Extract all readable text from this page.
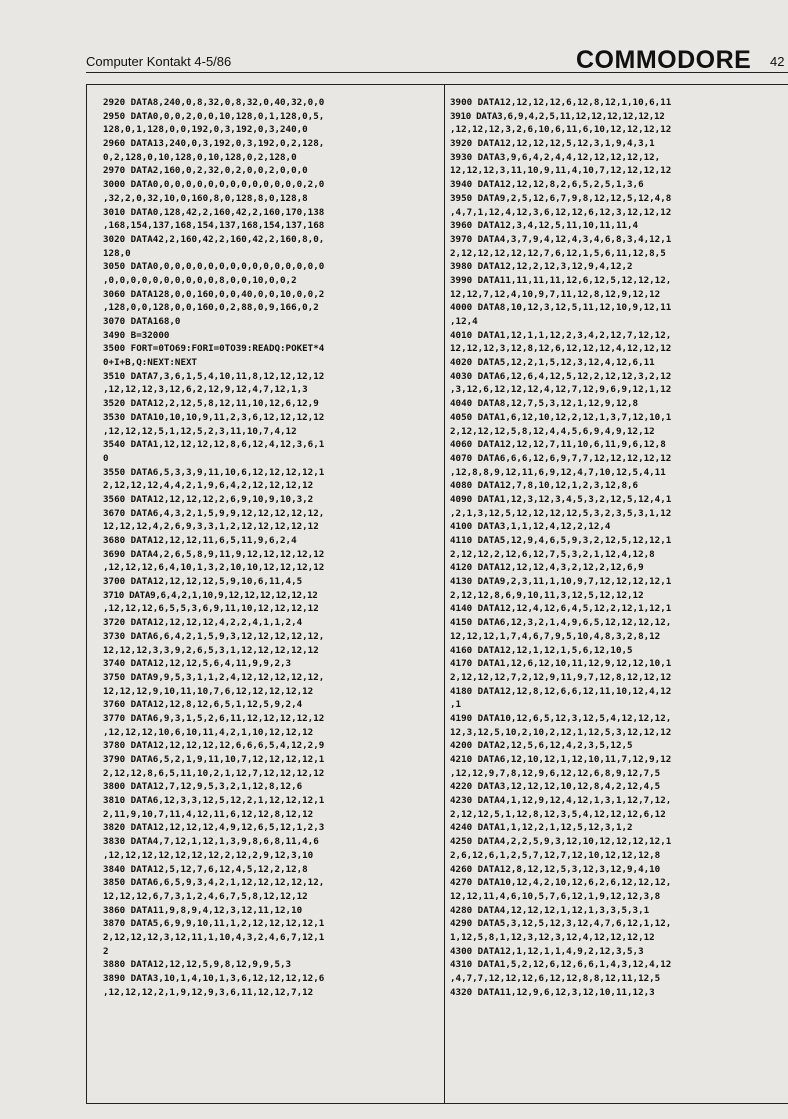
Computer Kontakt 4-5/86	COMMODORE 42
2920 DATA8,240,0,8,32,0,8,32,0,40,32,0,0
2950 DATA0,0,0,2,0,0,10,128,0,1,128,0,5,
128,0,1,128,0,0,192,0,3,192,0,3,240,0
2960 DATA13,240,0,3,192,0,3,192,0,2,128,
0,2,128,0,10,128,0,10,128,0,2,128,0
2970 DATA2,160,0,2,32,0,2,0,0,2,0,0,0
3000 DATA0,0,0,0,0,0,0,0,0,0,0,0,0,0,2,0
,32,2,0,32,10,0,160,8,0,128,8,0,128,8
3010 DATA0,128,42,2,160,42,2,160,170,138
,168,154,137,168,154,137,168,154,137,168
3020 DATA42,2,160,42,2,160,42,2,160,8,0,
128,0
3050 DATA0,0,0,0,0,0,0,0,0,0,0,0,0,0,0,0
,0,0,0,0,0,0,0,0,0,0,8,0,0,10,0,0,2
3060 DATA128,0,0,160,0,0,40,0,0,10,0,0,2
,128,0,0,128,0,0,160,0,2,88,0,9,166,0,2
3070 DATA168,0
3490 B=32000
3500 FORT=0TO69:FORI=0TO39:READQ:POKET*4
0+I+B,Q:NEXT:NEXT
3510 DATA7,3,6,1,5,4,10,11,8,12,12,12,12
,12,12,12,3,12,6,2,12,9,12,4,7,12,1,3
3520 DATA12,2,12,5,8,12,11,10,12,6,12,9
3530 DATA10,10,10,9,11,2,3,6,12,12,12,12
,12,12,12,5,1,12,5,2,3,11,10,7,4,12
3540 DATA1,12,12,12,12,8,6,12,4,12,3,6,1
0
3550 DATA6,5,3,3,9,11,10,6,12,12,12,12,1
2,12,12,12,4,4,2,1,9,6,4,2,12,12,12,12
3560 DATA12,12,12,12,2,6,9,10,9,10,3,2
3670 DATA6,4,3,2,1,5,9,9,12,12,12,12,12,
12,12,12,4,2,6,9,3,3,1,2,12,12,12,12,12
3680 DATA12,12,12,11,6,5,11,9,6,2,4
3690 DATA4,2,6,5,8,9,11,9,12,12,12,12,12
,12,12,12,6,4,10,1,3,2,10,10,12,12,12,12
3700 DATA12,12,12,12,5,9,10,6,11,4,5
3710 DATA9,6,4,2,1,10,9,12,12,12,12,12,12
,12,12,12,6,5,5,3,6,9,11,10,12,12,12,12
3720 DATA12,12,12,12,4,2,2,4,1,1,2,4
3730 DATA6,6,4,2,1,5,9,3,12,12,12,12,12,
12,12,12,3,3,9,2,6,5,3,1,12,12,12,12,12
3740 DATA12,12,12,5,6,4,11,9,9,2,3
3750 DATA9,9,5,3,1,1,2,4,12,12,12,12,12,
12,12,12,9,10,11,10,7,6,12,12,12,12,12
3760 DATA12,12,8,12,6,5,1,12,5,9,2,4
3770 DATA6,9,3,1,5,2,6,11,12,12,12,12,12
,12,12,12,10,6,10,11,4,2,1,10,12,12,12
3780 DATA12,12,12,12,12,6,6,6,5,4,12,2,9
3790 DATA6,5,2,1,9,11,10,7,12,12,12,12,1
2,12,12,8,6,5,11,10,2,1,12,7,12,12,12,12
3800 DATA12,7,12,9,5,3,2,1,12,8,12,6
3810 DATA6,12,3,3,12,5,12,2,1,12,12,12,1
2,11,9,10,7,11,4,12,11,6,12,12,8,12,12
3820 DATA12,12,12,12,4,9,12,6,5,12,1,2,3
3830 DATA4,7,12,1,12,1,3,9,8,6,8,11,4,6
,12,12,12,12,12,12,12,2,12,2,9,12,3,10
3840 DATA12,5,12,7,6,12,4,5,12,2,12,8
3850 DATA6,6,5,9,3,4,2,1,12,12,12,12,12,
12,12,12,6,7,3,1,2,4,6,7,5,8,12,12,12
3860 DATA11,9,8,9,4,12,3,12,11,12,10
3870 DATA5,6,9,9,10,11,1,2,12,12,12,12,1
2,12,12,12,3,12,11,1,10,4,3,2,4,6,7,12,1
2
3880 DATA12,12,12,5,9,8,12,9,9,5,3
3890 DATA3,10,1,4,10,1,3,6,12,12,12,12,6
,12,12,12,2,1,9,12,9,3,6,11,12,12,7,12
3900 DATA12,12,12,12,6,12,8,12,1,10,6,11
3910 DATA3,6,9,4,2,5,11,12,12,12,12,12,12
,12,12,12,3,2,6,10,6,11,6,10,12,12,12,12
3920 DATA12,12,12,12,5,12,3,1,9,4,3,1
3930 DATA3,9,6,4,2,4,4,12,12,12,12,12,
12,12,12,3,11,10,9,11,4,10,7,12,12,12,12
3940 DATA12,12,12,8,2,6,5,2,5,1,3,6
3950 DATA9,2,5,12,6,7,9,8,12,12,5,12,4,8
,4,7,1,12,4,12,3,6,12,12,6,12,3,12,12,12
3960 DATA12,3,4,12,5,11,10,11,11,4
3970 DATA4,3,7,9,4,12,4,3,4,6,8,3,4,12,1
2,12,12,12,12,12,7,6,12,1,5,6,11,12,8,5
3980 DATA12,12,2,12,3,12,9,4,12,2
3990 DATA11,11,11,11,12,6,12,5,12,12,12,
12,12,7,12,4,10,9,7,11,12,8,12,9,12,12
4000 DATA8,10,12,3,12,5,11,12,10,9,12,11
,12,4
4010 DATA1,12,1,1,12,2,3,4,2,12,7,12,12,
12,12,12,3,12,8,12,6,12,12,12,4,12,12,12
4020 DATA5,12,2,1,5,12,3,12,4,12,6,11
4030 DATA6,12,6,4,12,5,12,2,12,12,3,2,12
,3,12,6,12,12,12,4,12,7,12,9,6,9,12,1,12
4040 DATA8,12,7,5,3,12,1,12,9,12,8
4050 DATA1,6,12,10,12,2,12,1,3,7,12,10,1
2,12,12,12,5,8,12,4,4,5,6,9,4,9,12,12
4060 DATA12,12,12,7,11,10,6,11,9,6,12,8
4070 DATA6,6,6,12,6,9,7,7,12,12,12,12,12
,12,8,8,9,12,11,6,9,12,4,7,10,12,5,4,11
4080 DATA12,7,8,10,12,1,2,3,12,8,6
4090 DATA1,12,3,12,3,4,5,3,2,12,5,12,4,1
,2,1,3,12,5,12,12,12,12,5,3,2,3,5,3,1,12
4100 DATA3,1,1,12,4,12,2,12,4
4110 DATA5,12,9,4,6,5,9,3,2,12,5,12,12,1
2,12,12,2,12,6,12,7,5,3,2,1,12,4,12,8
4120 DATA12,12,12,4,3,2,12,2,12,6,9
4130 DATA9,2,3,11,1,10,9,7,12,12,12,12,1
2,12,12,8,6,9,10,11,3,12,5,12,12,12
4140 DATA12,12,4,12,6,4,5,12,2,12,1,12,1
4150 DATA6,12,3,2,1,4,9,6,5,12,12,12,12,
12,12,12,1,7,4,6,7,9,5,10,4,8,3,2,8,12
4160 DATA12,12,1,12,1,5,6,12,10,5
4170 DATA1,12,6,12,10,11,12,9,12,12,10,1
2,12,12,12,7,2,12,9,11,9,7,12,8,12,12,12
4180 DATA12,12,8,12,6,6,12,11,10,12,4,12
,1
4190 DATA10,12,6,5,12,3,12,5,4,12,12,12,
12,3,12,5,10,2,10,2,12,1,12,5,3,12,12,12
4200 DATA2,12,5,6,12,4,2,3,5,12,5
4210 DATA6,12,10,12,1,12,10,11,7,12,9,12
,12,12,9,7,8,12,9,6,12,12,6,8,9,12,7,5
4220 DATA3,12,12,12,10,12,8,4,2,12,4,5
4230 DATA4,1,12,9,12,4,12,1,3,1,12,7,12,
2,12,12,5,1,12,8,12,3,5,4,12,12,12,6,12
4240 DATA1,1,12,2,1,12,5,12,3,1,2
4250 DATA4,2,2,5,9,3,12,10,12,12,12,12,1
2,6,12,6,1,2,5,7,12,7,12,10,12,12,12,8
4260 DATA12,8,12,12,5,3,12,3,12,9,4,10
4270 DATA10,12,4,2,10,12,6,2,6,12,12,12,
12,12,11,4,6,10,5,7,6,12,1,9,12,12,3,8
4280 DATA4,12,12,12,1,12,1,3,3,5,3,1
4290 DATA5,3,12,5,12,3,12,4,7,6,12,1,12,
1,12,5,8,1,12,3,12,3,12,4,12,12,12,12
4300 DATA12,1,12,1,1,4,9,2,12,3,5,3
4310 DATA1,5,2,12,6,12,6,6,1,4,3,12,4,12
,4,7,7,12,12,12,6,12,12,8,8,12,11,12,5
4320 DATA11,12,9,6,12,3,12,10,11,12,3
